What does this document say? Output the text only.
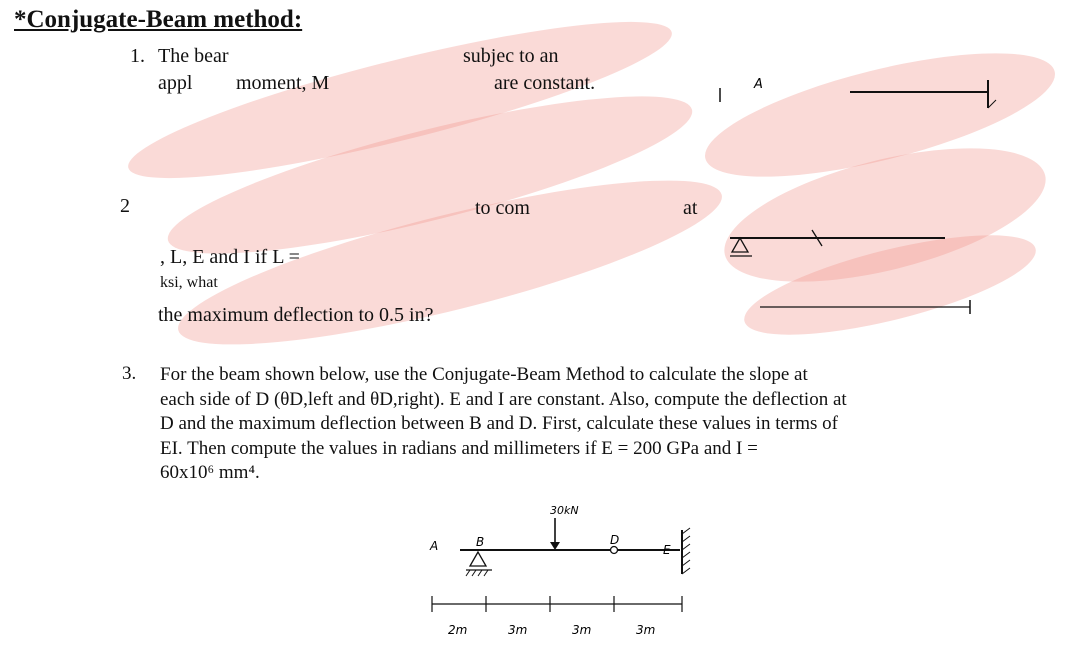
*Conjugate-Beam method:
1. The bear	subjec to an
appl moment, M	are constant.
2	to com	at
, L, E and I if L =
ksi, what
the maximum deflection to 0.5 in?
A
3. For the beam shown below, use the Conjugate-Beam Method to calculate the slope at
each side of D (θD,left and θD,right). E and I are constant. Also, compute the deflection at
D and the maximum deflection between B and D. First, calculate these values in terms of
EI. Then compute the values in radians and millimeters if E = 200 GPa and I =
60x10⁶ mm⁴.
30kN
A	B	D
E
2m	3m	3m	3m
